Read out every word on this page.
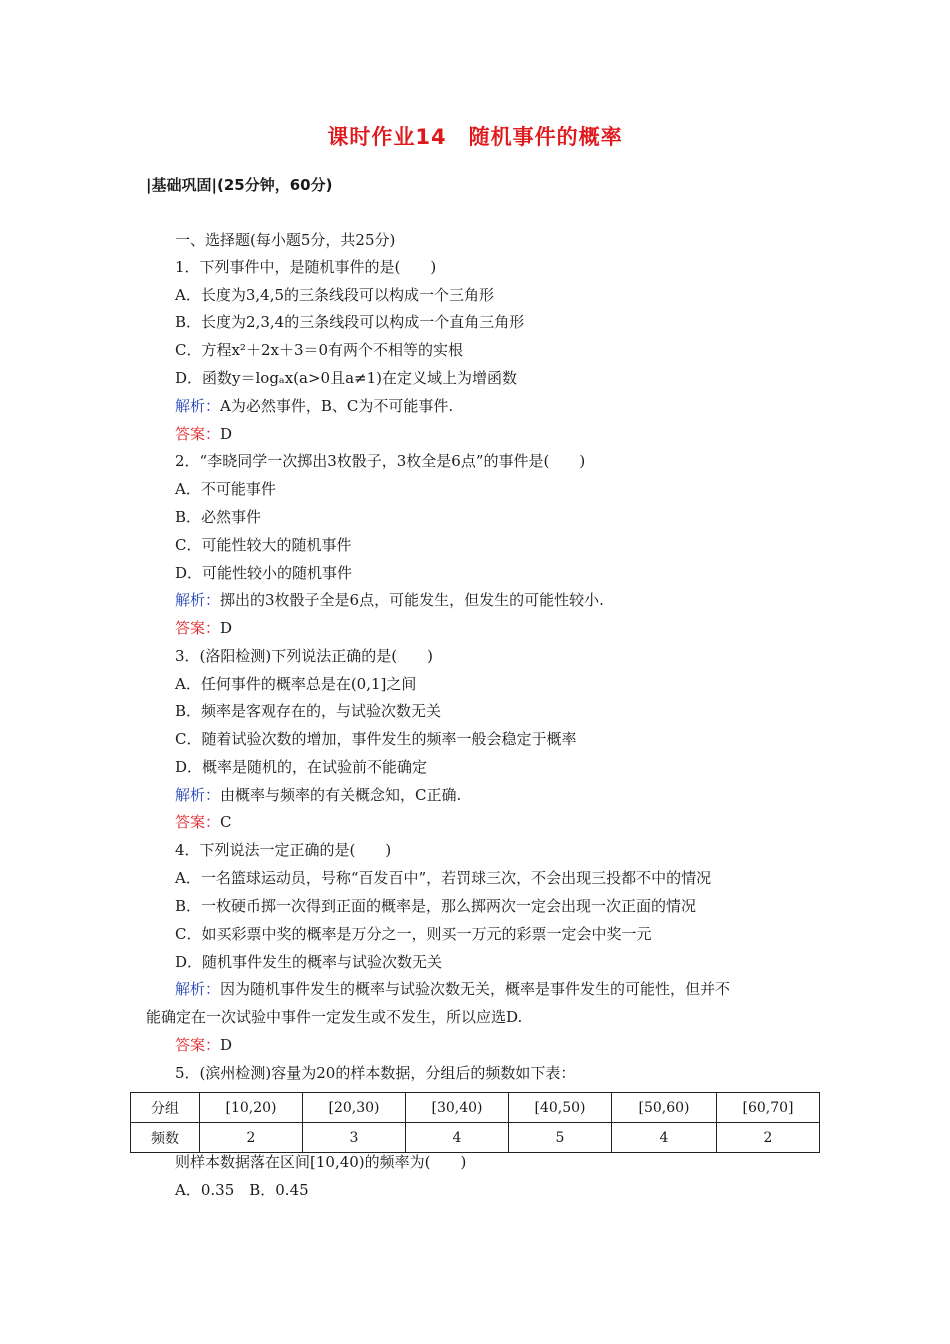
课时作业14　随机事件的概率
|基础巩固|(25分钟，60分)
一、选择题(每小题5分，共25分)
1．下列事件中，是随机事件的是(　　)
A．长度为3,4,5的三条线段可以构成一个三角形
B．长度为2,3,4的三条线段可以构成一个直角三角形
C．方程x²＋2x＋3＝0有两个不相等的实根
D．函数y＝logₐx(a>0且a≠1)在定义域上为增函数
解析：A为必然事件，B、C为不可能事件.
答案：D
2．“李晓同学一次掷出3枚骰子，3枚全是6点”的事件是(　　)
A．不可能事件
B．必然事件
C．可能性较大的随机事件
D．可能性较小的随机事件
解析：掷出的3枚骰子全是6点，可能发生，但发生的可能性较小.
答案：D
3．(洛阳检测)下列说法正确的是(　　)
A．任何事件的概率总是在(0,1]之间
B．频率是客观存在的，与试验次数无关
C．随着试验次数的增加，事件发生的频率一般会稳定于概率
D．概率是随机的，在试验前不能确定
解析：由概率与频率的有关概念知，C正确.
答案：C
4．下列说法一定正确的是(　　)
A．一名篮球运动员，号称“百发百中”，若罚球三次，不会出现三投都不中的情况
B．一枚硬币掷一次得到正面的概率是，那么掷两次一定会出现一次正面的情况
C．如买彩票中奖的概率是万分之一，则买一万元的彩票一定会中奖一元
D．随机事件发生的概率与试验次数无关
解析：因为随机事件发生的概率与试验次数无关，概率是事件发生的可能性，但并不
能确定在一次试验中事件一定发生或不发生，所以应选D.
答案：D
5．(滨州检测)容量为20的样本数据，分组后的频数如下表：
分组	[10,20)	[20,30)	[30,40)	[40,50)	[50,60)	[60,70]
频数	2	3	4	5	4	2
则样本数据落在区间[10,40)的频率为(　　)
A．0.35　B．0.45
